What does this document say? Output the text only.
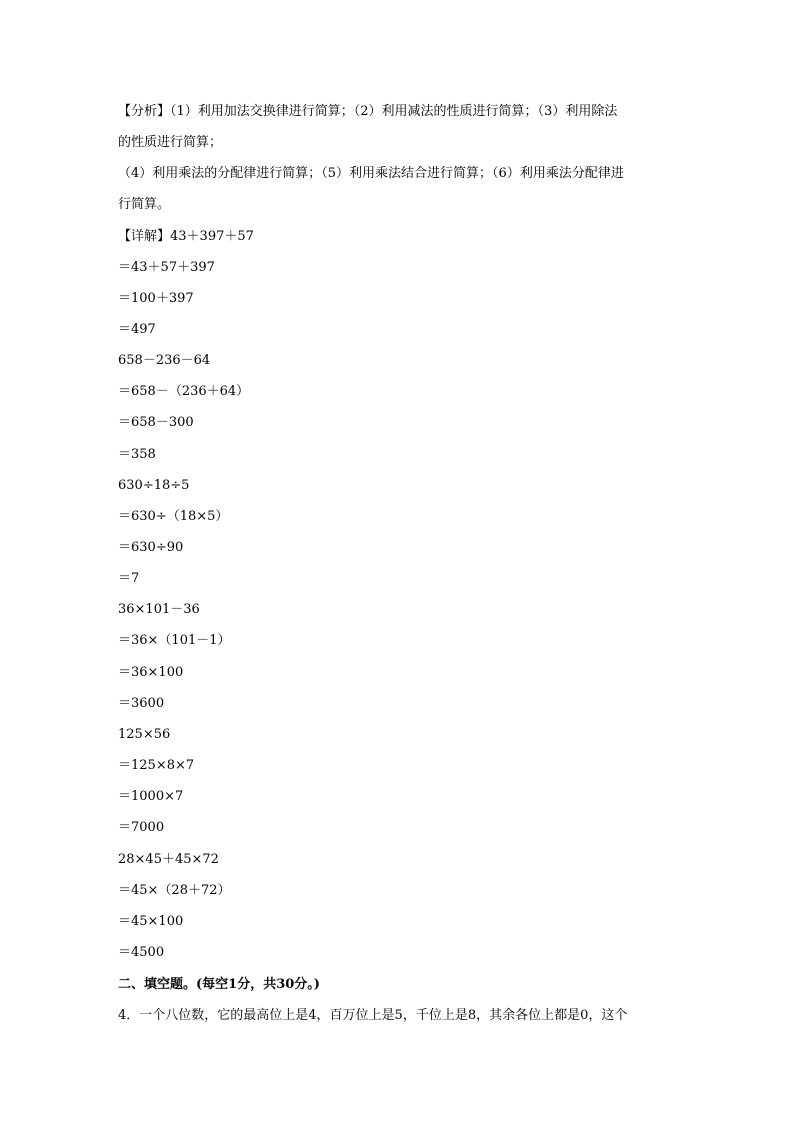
【分析】（1）利用加法交换律进行简算；（2）利用减法的性质进行简算；（3）利用除法
的性质进行简算；
（4）利用乘法的分配律进行简算；（5）利用乘法结合进行简算；（6）利用乘法分配律进
行简算。
【详解】43＋397＋57
＝43＋57＋397
＝100＋397
＝497
658－236－64
＝658－（236＋64）
＝658－300
＝358
630÷18÷5
＝630÷（18×5）
＝630÷90
＝7
36×101－36
＝36×（101－1）
＝36×100
＝3600
125×56
＝125×8×7
＝1000×7
＝7000
28×45＋45×72
＝45×（28＋72）
＝45×100
＝4500
二、填空题。(每空1分，共30分。)
4．一个八位数，它的最高位上是4，百万位上是5，千位上是8，其余各位上都是0，这个
